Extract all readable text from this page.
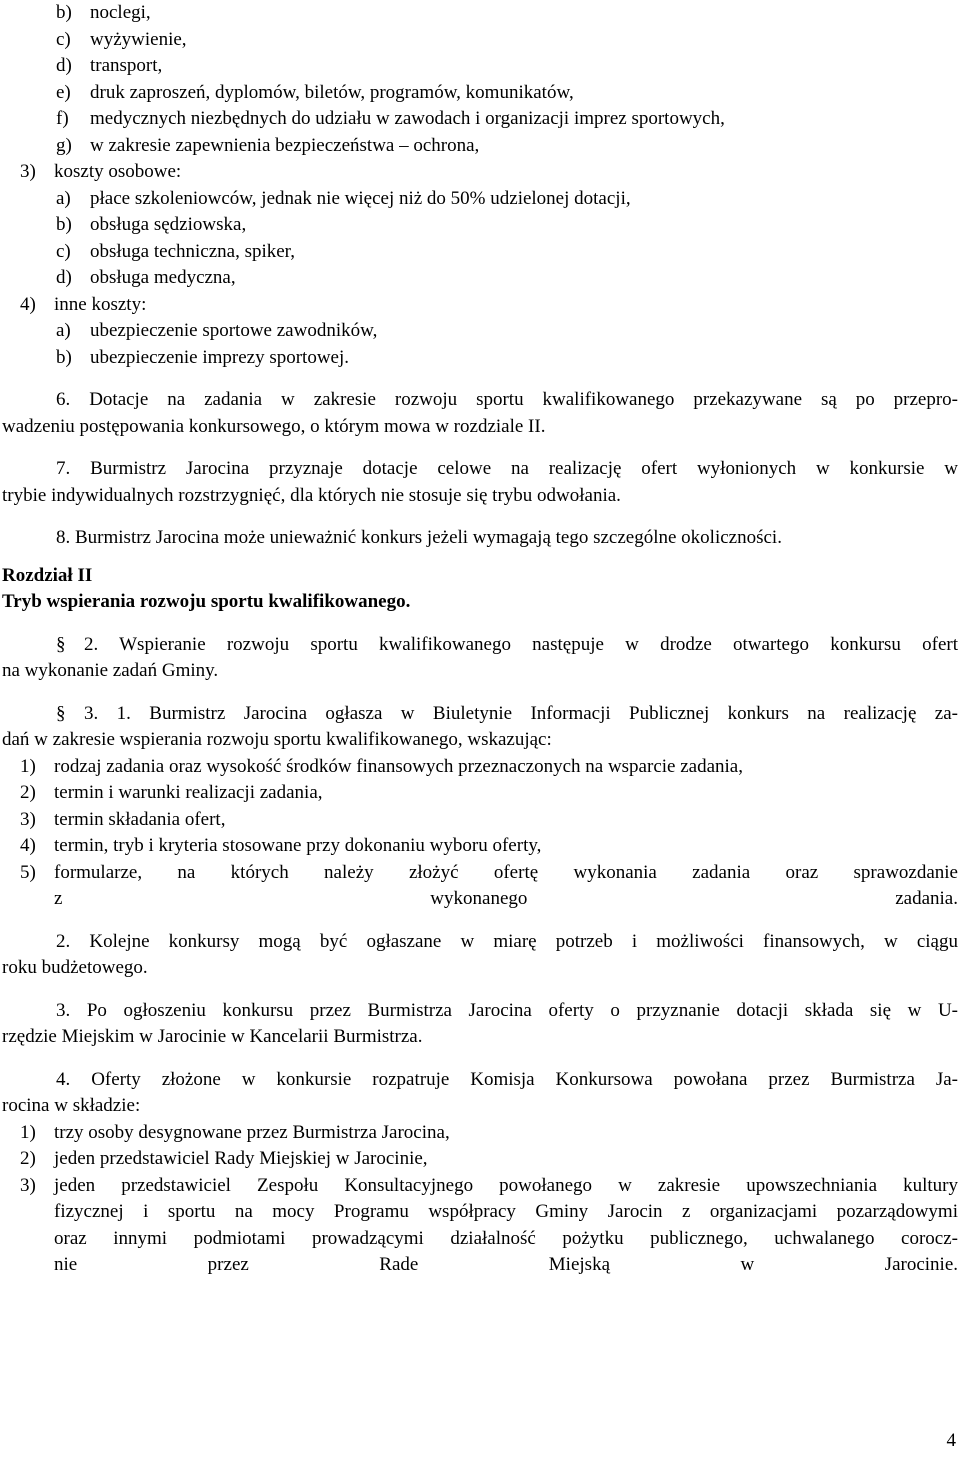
b) noclegi,
c) wyżywienie,
d) transport,
e) druk zaproszeń, dyplomów, biletów, programów, komunikatów,
f) medycznych niezbędnych do udziału w zawodach i organizacji imprez sportowych,
g) w zakresie zapewnienia bezpieczeństwa – ochrona,
3) koszty osobowe:
a) płace szkoleniowców, jednak nie więcej niż do 50% udzielonej dotacji,
b) obsługa sędziowska,
c) obsługa techniczna, spiker,
d) obsługa medyczna,
4) inne koszty:
a) ubezpieczenie sportowe zawodników,
b) ubezpieczenie imprezy sportowej.
6. Dotacje na zadania w zakresie rozwoju sportu kwalifikowanego przekazywane są po przepro-
wadzeniu postępowania konkursowego, o którym mowa w rozdziale II.
7. Burmistrz Jarocina przyznaje dotacje celowe na realizację ofert wyłonionych w konkursie w
trybie indywidualnych rozstrzygnięć, dla których nie stosuje się trybu odwołania.
8. Burmistrz Jarocina może unieważnić konkurs jeżeli wymagają tego szczególne okoliczności.
Rozdział II
Tryb wspierania rozwoju sportu kwalifikowanego.
§ 2. Wspieranie rozwoju sportu kwalifikowanego następuje w drodze otwartego konkursu ofert
na wykonanie zadań Gminy.
§ 3. 1. Burmistrz Jarocina ogłasza w Biuletynie Informacji Publicznej konkurs na realizację za-
dań w zakresie wspierania rozwoju sportu kwalifikowanego, wskazując:
1) rodzaj zadania oraz wysokość środków finansowych przeznaczonych na wsparcie zadania,
2) termin i warunki realizacji zadania,
3) termin składania ofert,
4) termin, tryb i kryteria stosowane przy dokonaniu wyboru oferty,
5) formularze, na których należy złożyć ofertę wykonania zadania oraz sprawozdanie
z wykonanego zadania.
2. Kolejne konkursy mogą być ogłaszane w miarę potrzeb i możliwości finansowych, w ciągu
roku budżetowego.
3. Po ogłoszeniu konkursu przez Burmistrza Jarocina oferty o przyznanie dotacji składa się w U-
rzędzie Miejskim w Jarocinie w Kancelarii Burmistrza.
4. Oferty złożone w konkursie rozpatruje Komisja Konkursowa powołana przez Burmistrza Ja-
rocina w składzie:
1) trzy osoby desygnowane przez Burmistrza Jarocina,
2) jeden przedstawiciel Rady Miejskiej w Jarocinie,
3) jeden przedstawiciel Zespołu Konsultacyjnego powołanego w zakresie upowszechniania kultury
fizycznej i sportu na mocy Programu współpracy Gminy Jarocin z organizacjami pozarządowymi
oraz innymi podmiotami prowadzącymi działalność pożytku publicznego, uchwalanego corocz-
nie przez Rade Miejską w Jarocinie.
4
